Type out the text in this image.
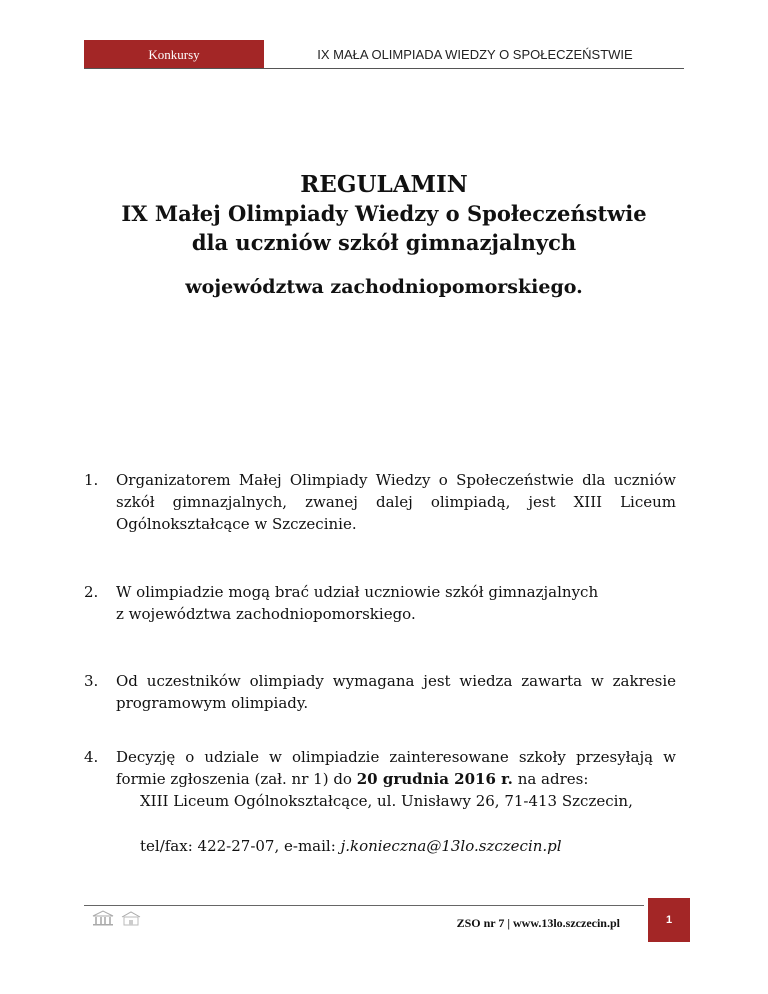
Konkursy	IX MAŁA OLIMPIADA WIEDZY O SPOŁECZEŃSTWIE
REGULAMIN
IX Małej Olimpiady Wiedzy o Społeczeństwie
dla uczniów szkół gimnazjalnych
województwa zachodniopomorskiego.
1. Organizatorem Małej Olimpiady Wiedzy o Społeczeństwie dla uczniów szkół gimnazjalnych, zwanej dalej olimpiadą, jest XIII Liceum Ogólnokształcące w Szczecinie.
2. W olimpiadzie mogą brać udział uczniowie szkół gimnazjalnych
z województwa zachodniopomorskiego.
3. Od uczestników olimpiady wymagana jest wiedza zawarta w zakresie programowym olimpiady.
4. Decyzję o udziale w olimpiadzie zainteresowane szkoły przesyłają w formie zgłoszenia (zał. nr 1) do 20 grudnia 2016 r. na adres:
XIII Liceum Ogólnokształcące, ul. Unisławy 26, 71-413 Szczecin,
tel/fax: 422-27-07, e-mail: j.konieczna@13lo.szczecin.pl
ZSO nr 7 | www.13lo.szczecin.pl	1
